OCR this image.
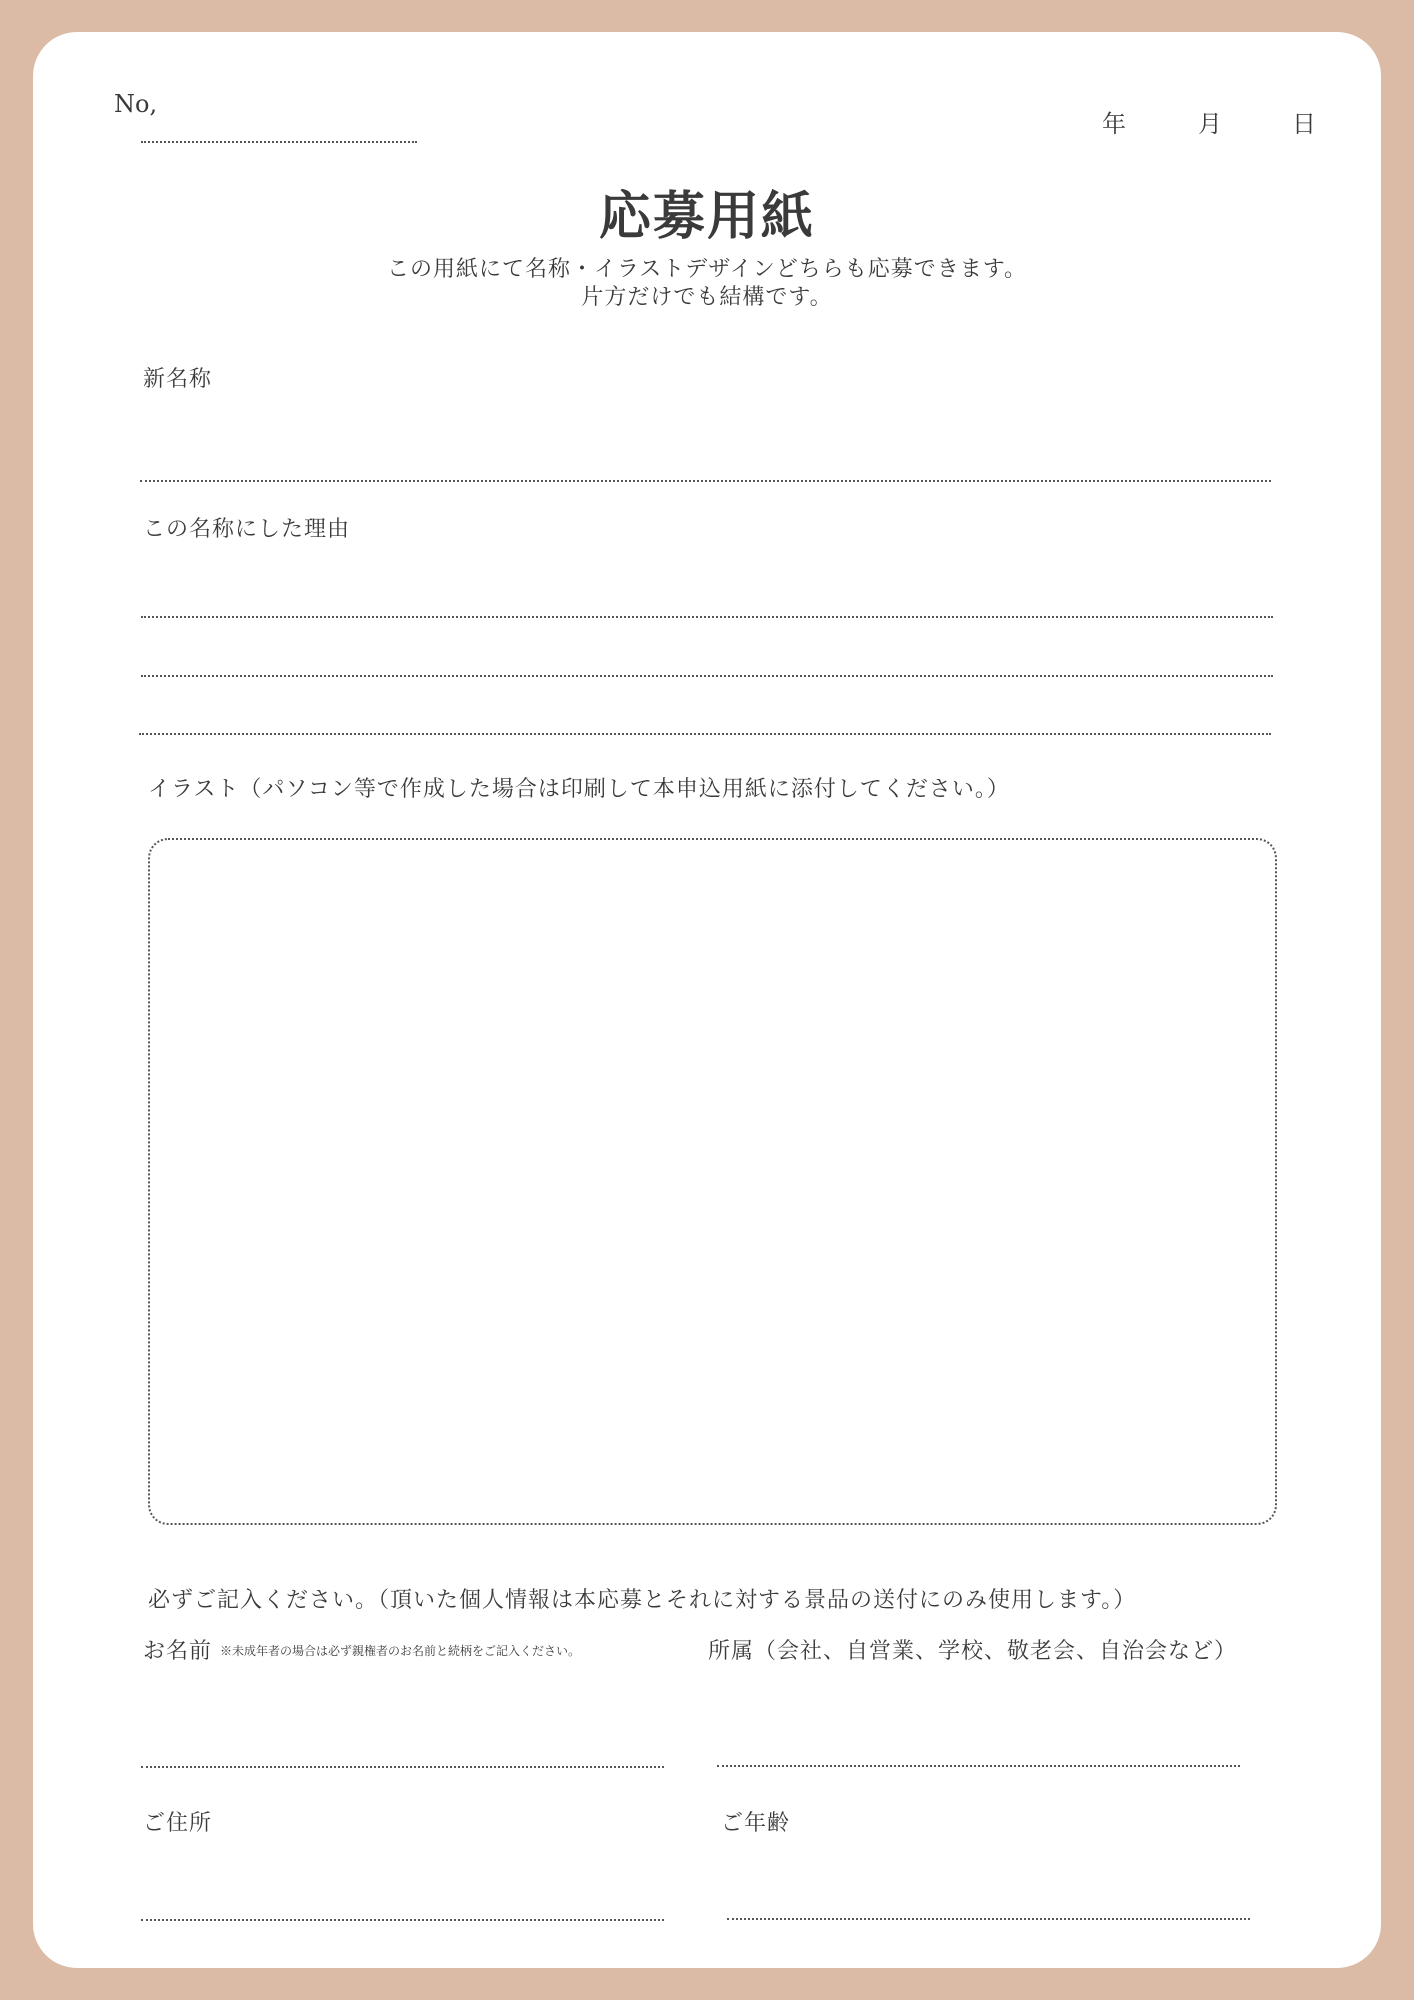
No,
年	月	日
応募用紙
この用紙にて名称・イラストデザインどちらも応募できます。
片方だけでも結構です。
新名称
この名称にした理由
イラスト（パソコン等で作成した場合は印刷して本申込用紙に添付してください。）
必ずご記入ください。（頂いた個人情報は本応募とそれに対する景品の送付にのみ使用します。）
お名前 ※未成年者の場合は必ず親権者のお名前と続柄をご記入ください。	所属（会社、自営業、学校、敬老会、自治会など）
ご住所	ご年齢
